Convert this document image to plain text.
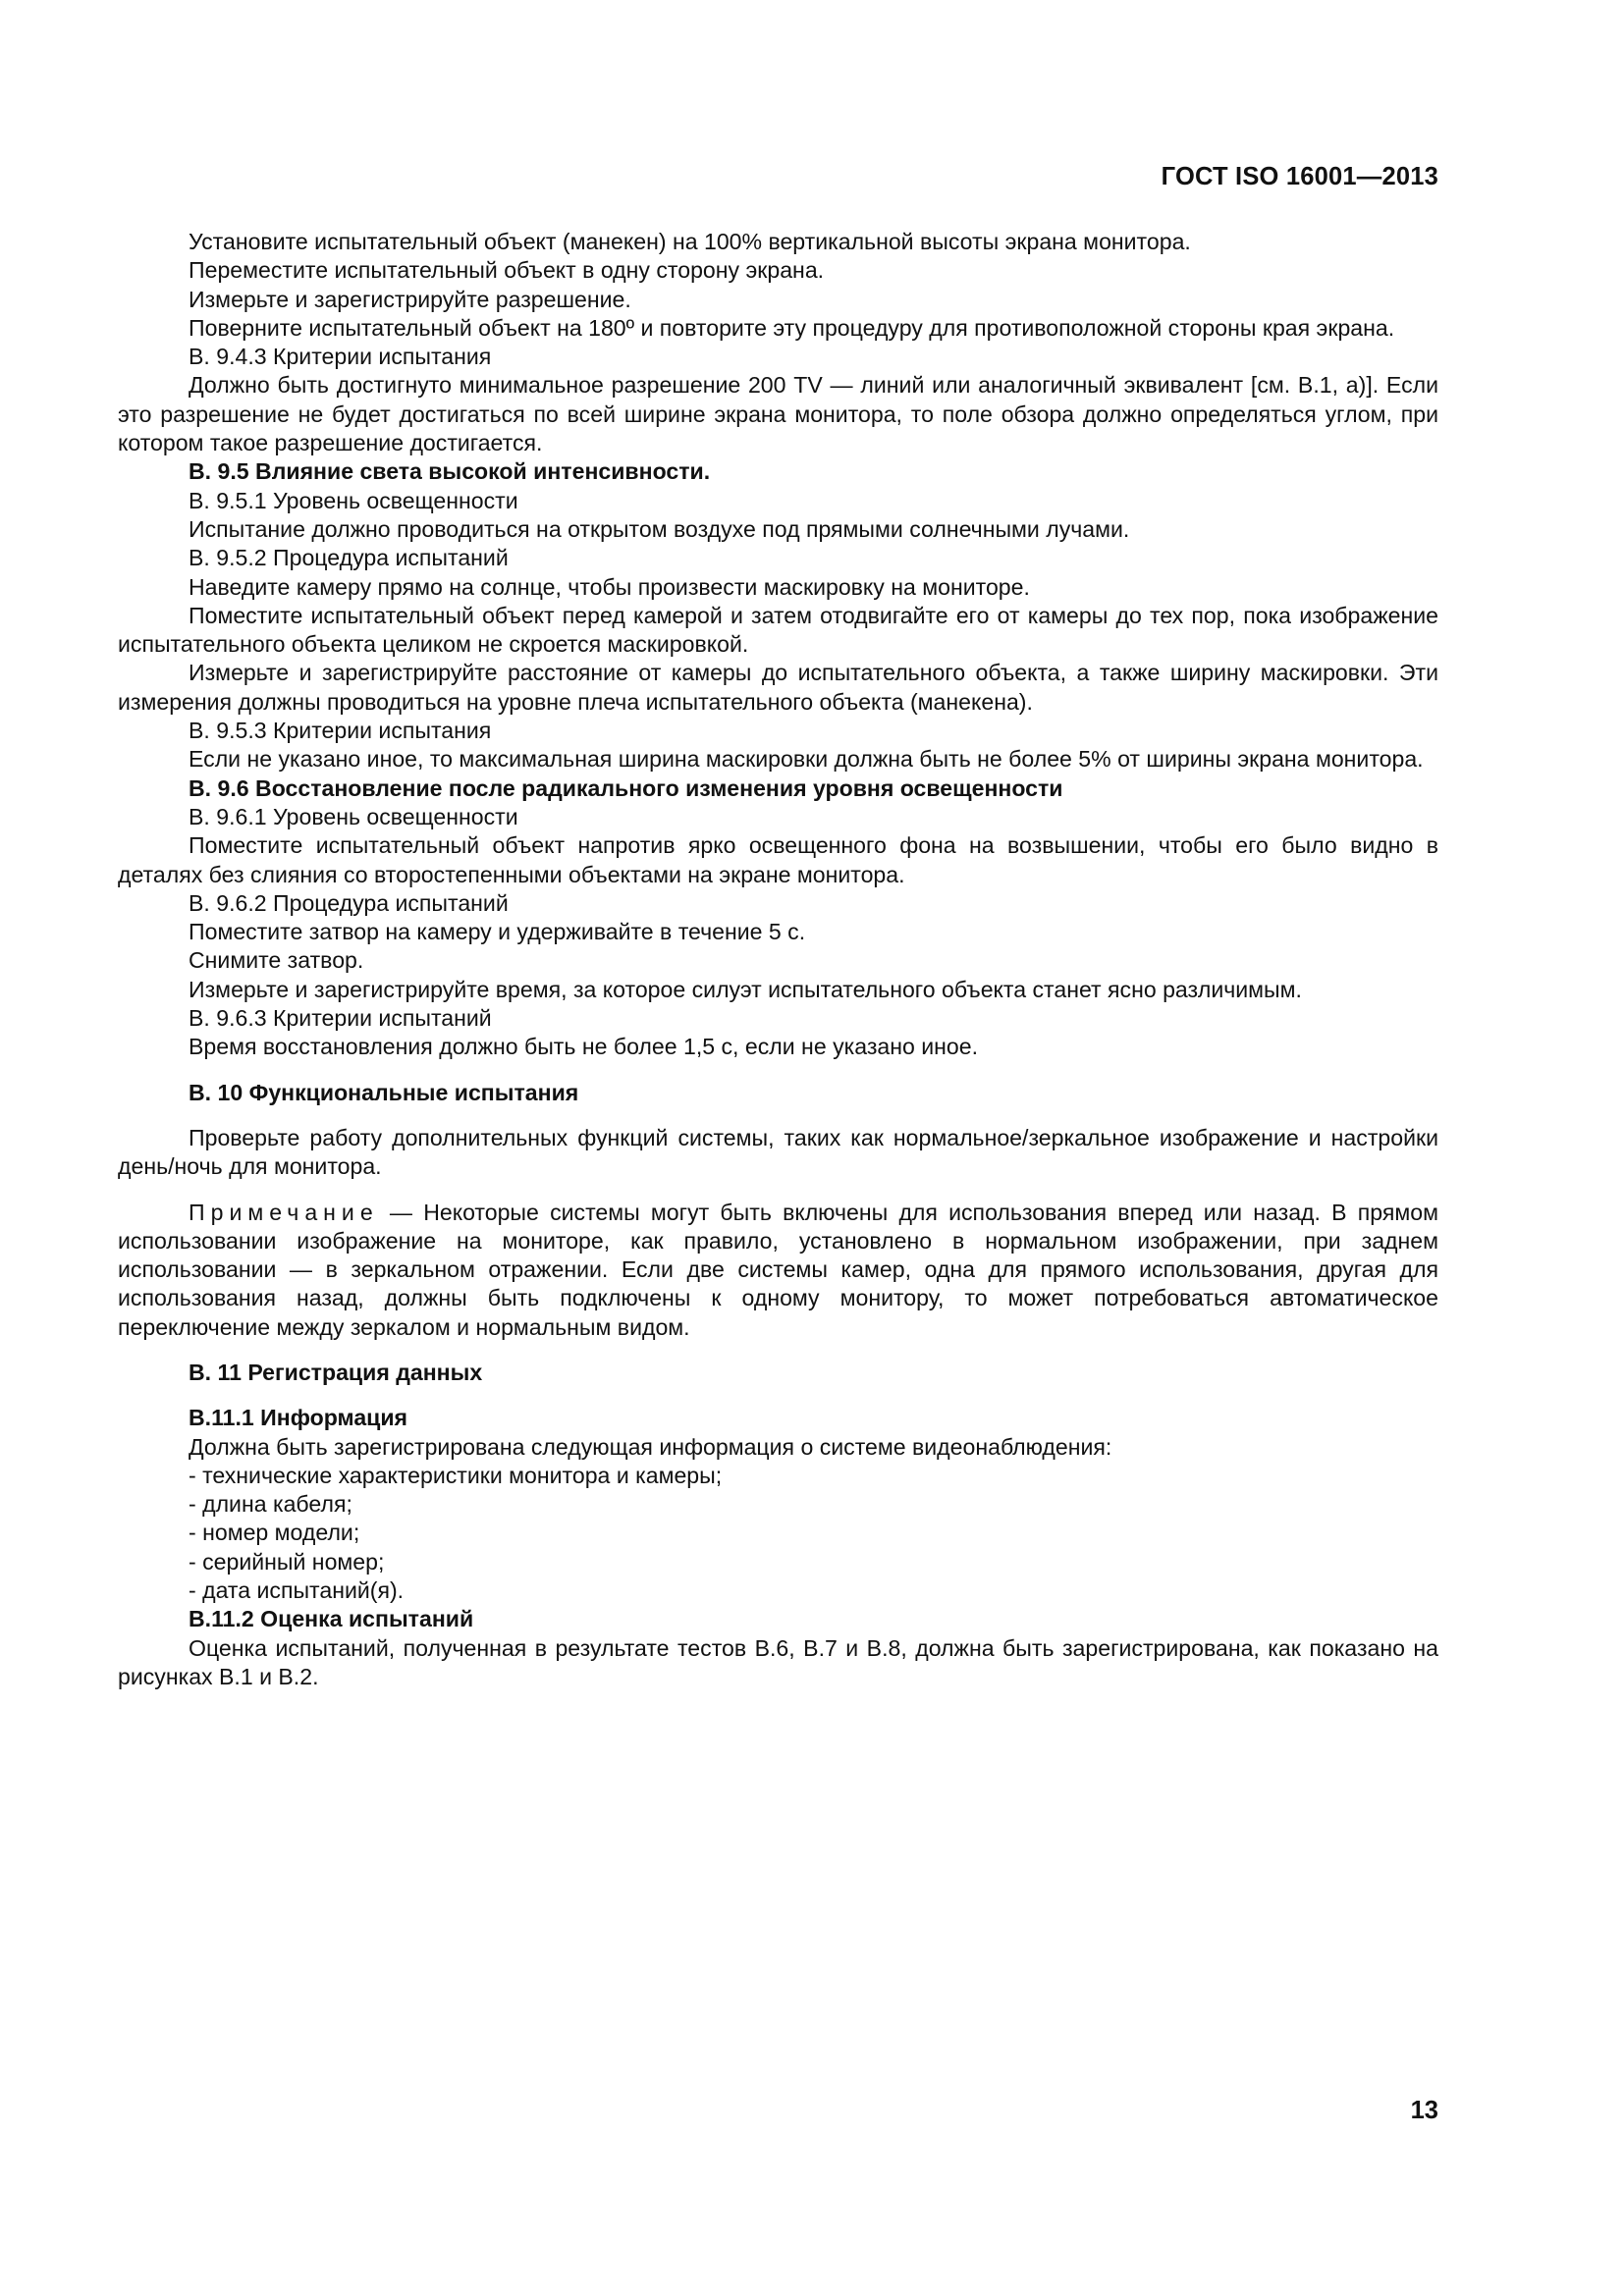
ГОСТ ISO 16001—2013

Установите испытательный объект (манекен) на 100% вертикальной высоты экрана монитора.

Переместите испытательный объект в одну сторону экрана.

Измерьте и зарегистрируйте разрешение.

Поверните испытательный объект на 180º и повторите эту процедуру для противоположной стороны края экрана.

В. 9.4.3 Критерии испытания

Должно быть достигнуто минимальное разрешение 200 TV — линий или аналогичный эквивалент [см. В.1, а)]. Если это разрешение не будет достигаться по всей ширине экрана монитора, то поле обзора должно определяться углом, при котором такое разрешение достигается.

В. 9.5 Влияние света высокой интенсивности.

В. 9.5.1 Уровень освещенности

Испытание должно проводиться на открытом воздухе под прямыми солнечными лучами.

В. 9.5.2 Процедура испытаний

Наведите камеру прямо на солнце, чтобы произвести маскировку на мониторе.

Поместите испытательный объект перед камерой и затем отодвигайте его от камеры до тех пор, пока изображение испытательного объекта целиком не скроется маскировкой.

Измерьте и зарегистрируйте расстояние от камеры до испытательного объекта, а также ширину маскировки. Эти измерения должны проводиться на уровне плеча испытательного объекта (манекена).

В. 9.5.3 Критерии испытания

Если не указано иное, то максимальная ширина маскировки должна быть не более 5% от ширины экрана монитора.

В. 9.6 Восстановление после радикального изменения уровня освещенности

В. 9.6.1 Уровень освещенности

Поместите испытательный объект напротив ярко освещенного фона на возвышении, чтобы его было видно в деталях без слияния со второстепенными объектами на экране монитора.

В. 9.6.2 Процедура испытаний

Поместите затвор на камеру и удерживайте в течение 5 с.

Снимите затвор.

Измерьте и зарегистрируйте время, за которое силуэт испытательного объекта станет ясно различимым.

В. 9.6.3 Критерии испытаний

Время восстановления должно быть не более 1,5 с, если не указано иное.

В. 10 Функциональные испытания

Проверьте работу дополнительных функций системы, таких как нормальное/зеркальное изображение и настройки день/ночь для монитора.

Примечание — Некоторые системы могут быть включены для использования вперед или назад. В прямом использовании изображение на мониторе, как правило, установлено в нормальном изображении, при заднем использовании — в зеркальном отражении. Если две системы камер, одна для прямого использования, другая для использования назад, должны быть подключены к одному монитору, то может потребоваться автоматическое переключение между зеркалом и нормальным видом.

В. 11 Регистрация данных

В.11.1 Информация

Должна быть зарегистрирована следующая информация о системе видеонаблюдения:

- технические характеристики монитора и камеры;

- длина кабеля;

- номер модели;

- серийный номер;

- дата испытаний(я).

В.11.2 Оценка испытаний

Оценка испытаний, полученная в результате тестов В.6, В.7 и В.8, должна быть зарегистрирована, как показано на рисунках В.1 и В.2.

13
